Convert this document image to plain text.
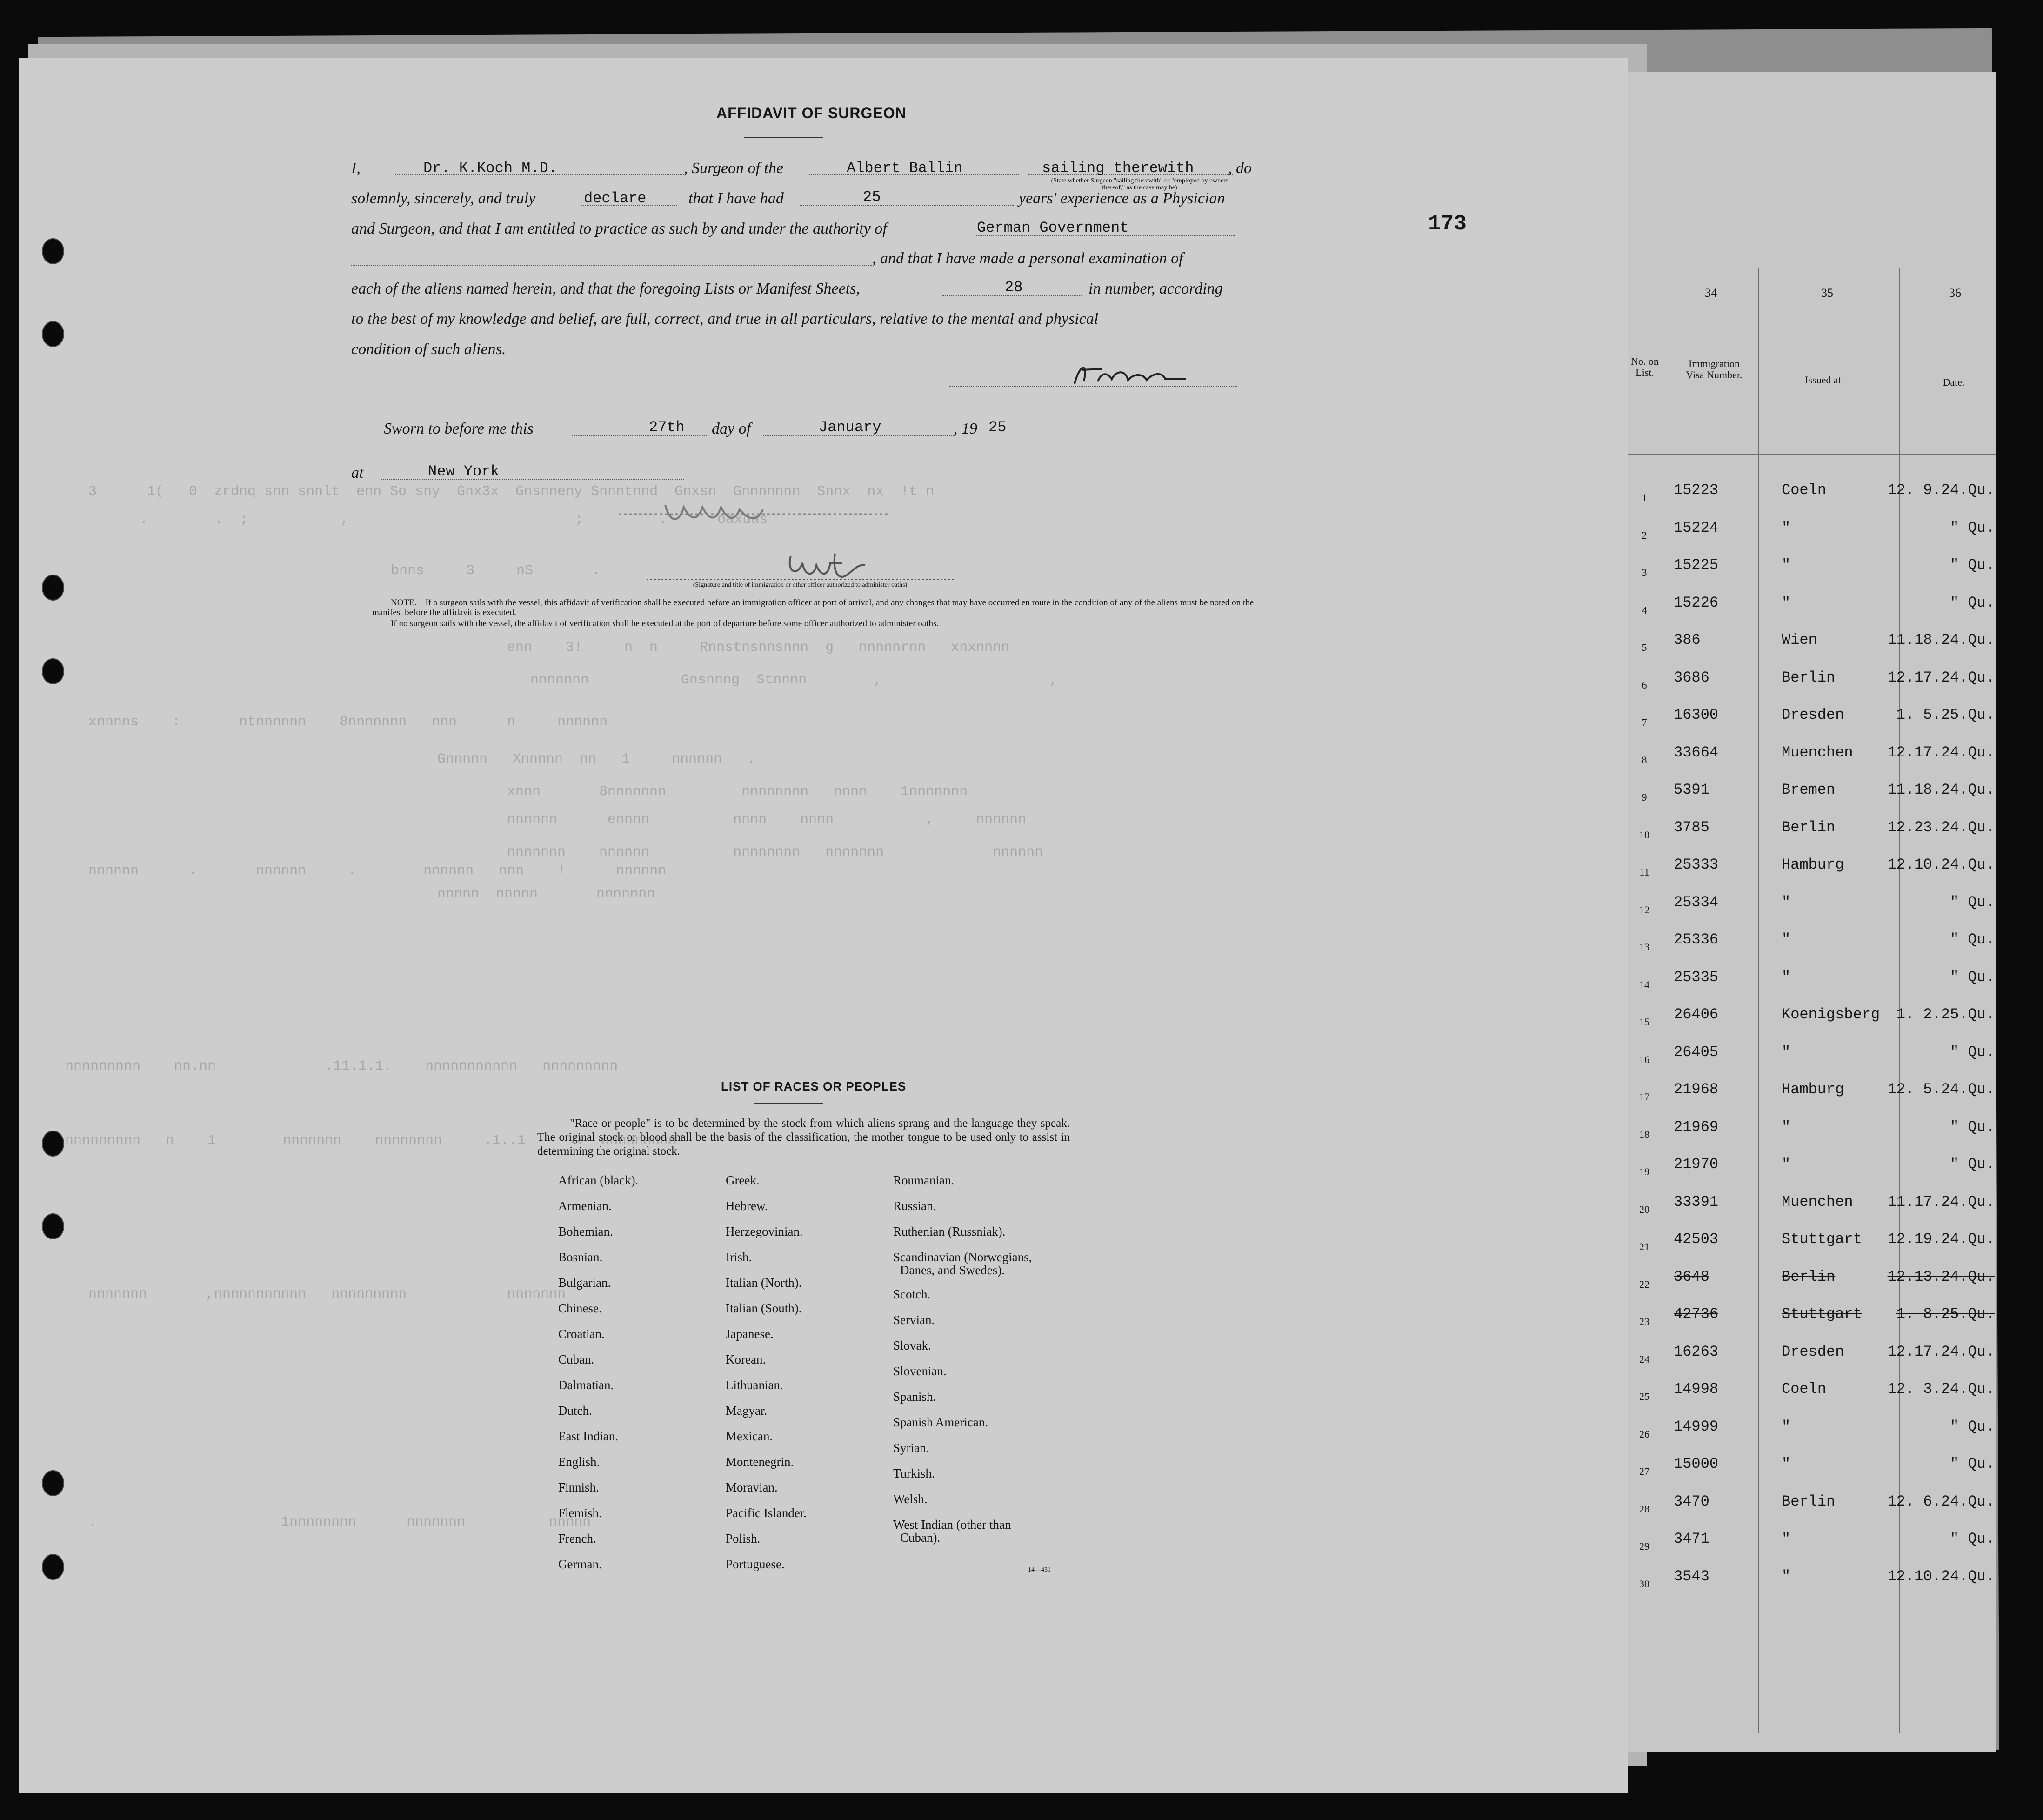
3      1(   0  zrdnq snn snnlt  enn So sny  Gnx3x  Gnsnneny Snnntnnd  Gnxsn  Gnnnnnnn  Snnx  nx  !t n
.        .  ;           ,                           ;         .      oaxuas
bnns     3     nS       .
enn    3!     n  n     Rnnstnsnnsnnn  g   nnnnnrnn   xnxnnnn
nnnnnnn           Gnsnnng  Stnnnn        ,                    ,
xnnnns    :       ntnnnnnn    8nnnnnnn   nnn      n     nnnnnn
Gnnnnn   Xnnnnn  nn   1     nnnnnn   .
xnnn       8nnnnnnn         nnnnnnnn   nnnn    1nnnnnnn
nnnnnn      ennnn          nnnn    nnnn           ,     nnnnnn
nnnnnnn    nnnnnn          nnnnnnnn   nnnnnnn             nnnnnn
nnnnnn      .       nnnnnn     .        nnnnnn   nnn    !      nnnnnn
nnnnn  nnnnn       nnnnnnn
nnnnnnnnn    nn.nn             .11.1.1.    nnnnnnnnnnn   nnnnnnnnn
nnnnnnnnn   n    1        nnnnnnn    nnnnnnnn     .1..1      :  nnnnnnnnn
nnnnnnn       ,nnnnnnnnnnn   nnnnnnnnn            nnnnnnn
.                      1nnnnnnnn      nnnnnnn          nnnnn
AFFIDAVIT OF SURGEON
I,	Dr. K.Koch M.D.	, Surgeon of the	Albert Ballin	sailing therewith , do
(State whether Surgeon "sailing therewith" or "employed by owners thereof," as the case may be)
solemnly, sincerely, and truly	declare	that I have had	25	years' experience as a Physician
and Surgeon, and that I am entitled to practice as such by and under the authority of	German Government
, and that I have made a personal examination of
each of the aliens named herein, and that the foregoing Lists or Manifest Sheets,	28	in number, according
to the best of my knowledge and belief, are full, correct, and true in all particulars, relative to the mental and physical
condition of such aliens.
Sworn to before me this	27th day of	January	, 19 25
at	New York
(Signature and title of immigration or other officer authorized to administer oaths)
NOTE.—If a surgeon sails with the vessel, this affidavit of verification shall be executed before an immigration officer at port of arrival, and any changes that may have occurred en route in the condition of any of the aliens must be noted on the manifest before the affidavit is executed.
If no surgeon sails with the vessel, the affidavit of verification shall be executed at the port of departure before some officer authorized to administer oaths.
LIST OF RACES OR PEOPLES
"Race or people" is to be determined by the stock from which aliens sprang and the language they speak. The original stock or blood shall be the basis of the classification, the mother tongue to be used only to assist in determining the original stock.
African (black).
Armenian.
Bohemian.
Bosnian.
Bulgarian.
Chinese.
Croatian.
Cuban.
Dalmatian.
Dutch.
East Indian.
English.
Finnish.
Flemish.
French.
German.
Greek.
Hebrew.
Herzegovinian.
Irish.
Italian (North).
Italian (South).
Japanese.
Korean.
Lithuanian.
Magyar.
Mexican.
Montenegrin.
Moravian.
Pacific Islander.
Polish.
Portuguese.
Roumanian.
Russian.
Ruthenian (Russniak).
Scandinavian (Norwegians,
Danes, and Swedes).
Scotch.
Servian.
Slovak.
Slovenian.
Spanish.
Spanish American.
Syrian.
Turkish.
Welsh.
West Indian (other than
Cuban).
14—431
173
34	35	36
No. on List.
Immigration Visa Number.	Issued at—	Date.
1	15223	Coeln	12. 9.24.Qu.
2	15224	"	" Qu.
3	15225	"	" Qu.
4	15226	"	" Qu.
5	386	Wien	11.18.24.Qu.
6	3686	Berlin	12.17.24.Qu.
7	16300	Dresden	1. 5.25.Qu.
8	33664	Muenchen	12.17.24.Qu.
9	5391	Bremen	11.18.24.Qu.
10	3785	Berlin	12.23.24.Qu.
11	25333	Hamburg	12.10.24.Qu.
12	25334	"	" Qu.
13	25336	"	" Qu.
14	25335	"	" Qu.
15	26406	Koenigsberg	1. 2.25.Qu.
16	26405	"	" Qu.
17	21968	Hamburg	12. 5.24.Qu.
18	21969	"	" Qu.
19	21970	"	" Qu.
20	33391	Muenchen	11.17.24.Qu.
21	42503	Stuttgart	12.19.24.Qu.
22	3648	Berlin	12.13.24.Qu.
23	42736	Stuttgart	1. 8.25.Qu.
24	16263	Dresden	12.17.24.Qu.
25	14998	Coeln	12. 3.24.Qu.
26	14999	"	" Qu.
27	15000	"	" Qu.
28	3470	Berlin	12. 6.24.Qu.
29	3471	"	" Qu.
30	3543	"	12.10.24.Qu.
